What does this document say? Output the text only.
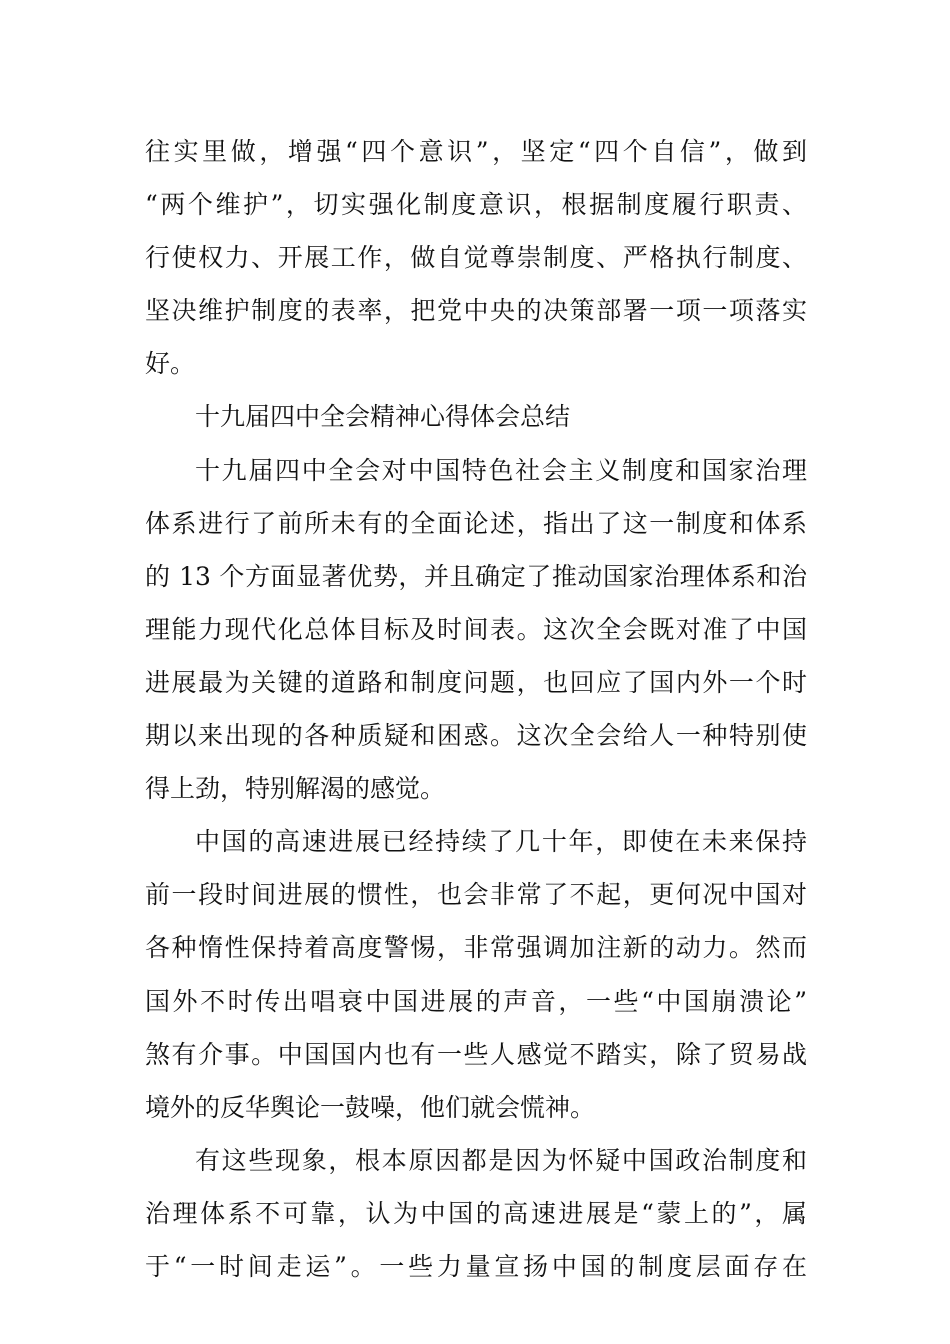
往实里做，增强“四个意识”，坚定“四个自信”，做到
“两个维护”，切实强化制度意识，根据制度履行职责、
行使权力、开展工作，做自觉尊崇制度、严格执行制度、
坚决维护制度的表率，把党中央的决策部署一项一项落实
好。
十九届四中全会精神心得体会总结
十九届四中全会对中国特色社会主义制度和国家治理
体系进行了前所未有的全面论述，指出了这一制度和体系
的 13 个方面显著优势，并且确定了推动国家治理体系和治
理能力现代化总体目标及时间表。这次全会既对准了中国
进展最为关键的道路和制度问题，也回应了国内外一个时
期以来出现的各种质疑和困惑。这次全会给人一种特别使
得上劲，特别解渴的感觉。
中国的高速进展已经持续了几十年，即使在未来保持
前一段时间进展的惯性，也会非常了不起，更何况中国对
各种惰性保持着高度警惕，非常强调加注新的动力。然而
国外不时传出唱衰中国进展的声音，一些“中国崩溃论”
煞有介事。中国国内也有一些人感觉不踏实，除了贸易战
境外的反华舆论一鼓噪，他们就会慌神。
有这些现象，根本原因都是因为怀疑中国政治制度和
治理体系不可靠，认为中国的高速进展是“蒙上的”，属
于“一时间走运”。一些力量宣扬中国的制度层面存在
